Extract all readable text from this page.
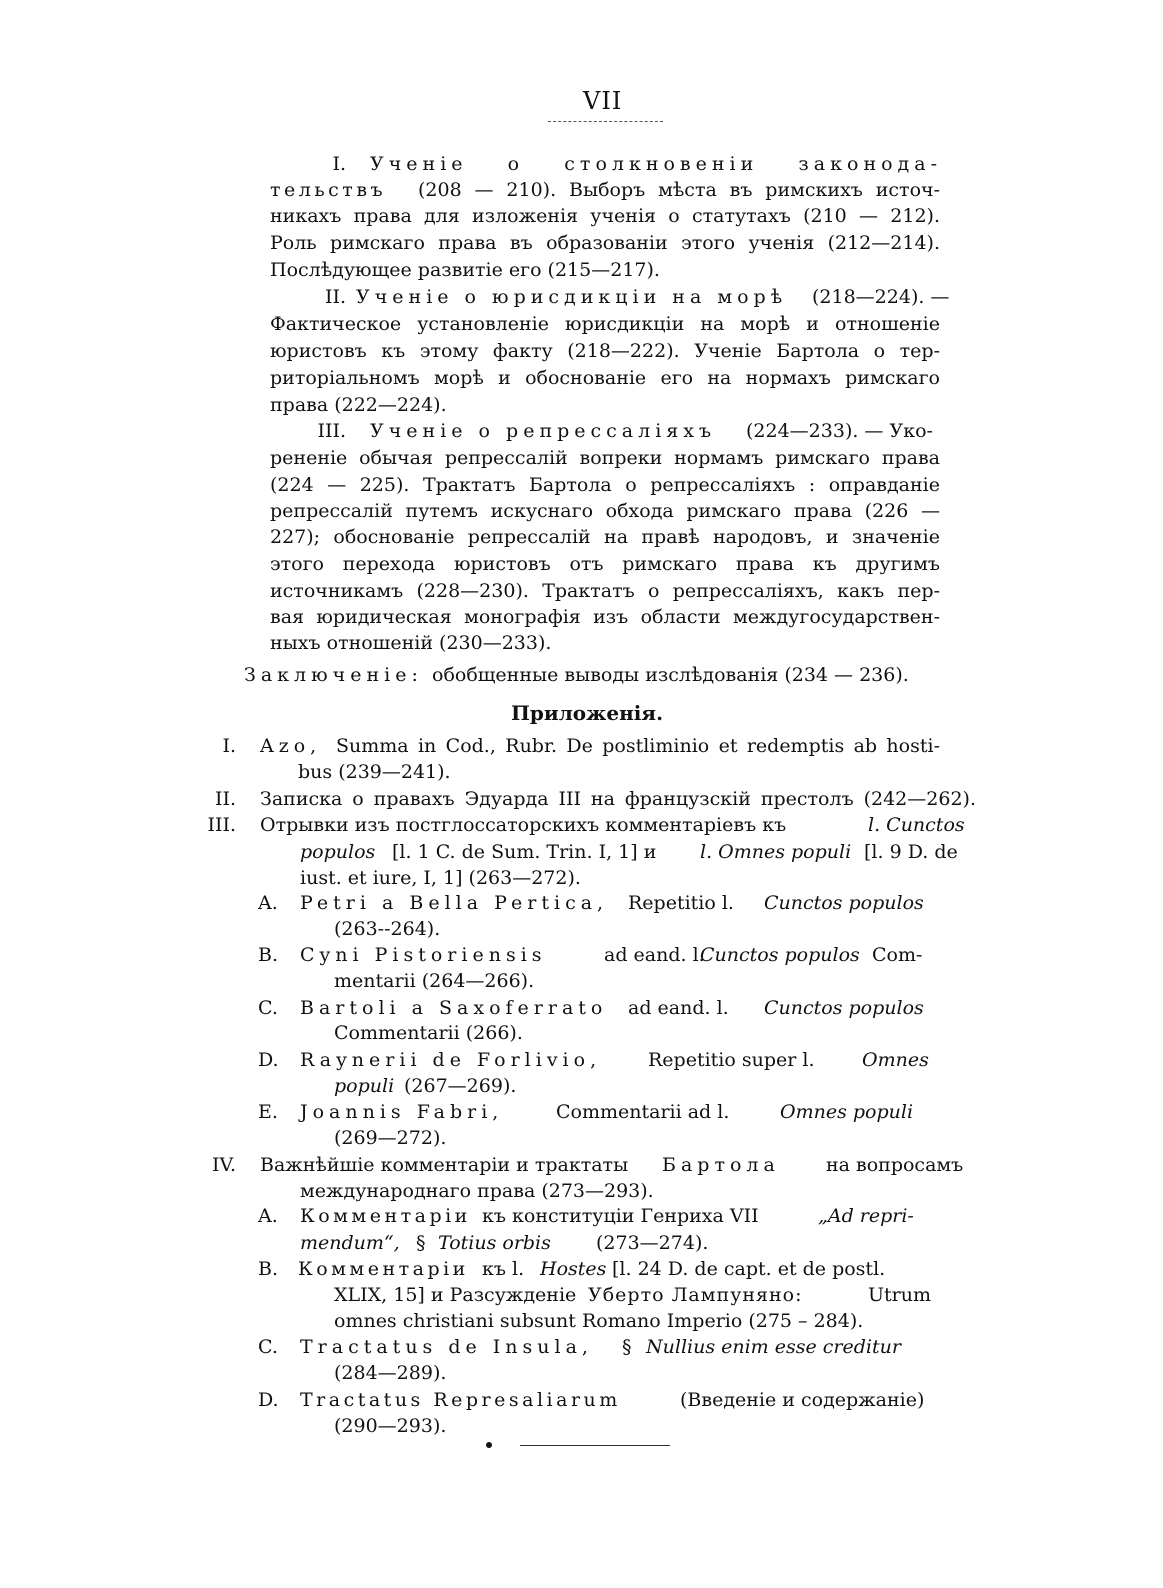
VII
I. Ученіе о столкновеніи законода-
тельствъ (208 — 210). Выборъ мѣста въ римскихъ источ-
никахъ права для изложенія ученія о статутахъ (210 — 212).
Роль римскаго права въ образованіи этого ученія (212—214).
Послѣдующее развитіе его (215—217).
II. Ученіе о юрисдикціи на морѣ (218—224). —
Фактическое установленіе юрисдикціи на морѣ и отношеніе
юристовъ къ этому факту (218—222). Ученіе Бартола о тер-
риторіальномъ морѣ и обоснованіе его на нормахъ римскаго
права (222—224).
III. Ученіе о репрессаліяхъ (224—233). — Уко-
рененіе обычая репрессалій вопреки нормамъ римскаго права
(224 — 225). Трактатъ Бартола о репрессаліяхъ : оправданіе
репрессалій путемъ искуснаго обхода римскаго права (226 —
227); обоснованіе репрессалій на правѣ народовъ, и значеніе
этого перехода юристовъ отъ римскаго права къ другимъ
источникамъ (228—230). Трактатъ о репрессаліяхъ, какъ пер-
вая юридическая монографія изъ области междугосударствен-
ныхъ отношеній (230—233).
Заключеніе: обобщенные выводы изслѣдованія (234 — 236).
Приложенія.
I. Azo, Summa in Cod., Rubr. De postliminio et redemptis ab hosti-
bus (239—241).
II. Записка о правахъ Эдуарда III на французскій престолъ (242—262).
III. Отрывки изъ постглоссаторскихъ комментаріевъ къ	l. Cunctos
populos [l. 1 C. de Sum. Trin. I, 1] и l. Omnes populi [l. 9 D. de
iust. et iure, I, 1] (263—272).
A. Petri a Bella Pertica, Repetitio l. Cunctos populos
(263--264).
B. Cyni Pistoriensis	ad eand. l.
Cunctos populos Com-
mentarii (264—266).
C. Bartoli a Saxoferrato ad eand. l. Cunctos populos
Commentarii (266).
D. Raynerii de Forlivio, Repetitio super l.	Omnes
populi (267—269).
E. Joannis Fabri,	Commentarii ad l.	Omnes populi
(269—272).
IV. Важнѣйшіе комментаріи и трактаты Бартола на вопросамъ
международнаго права (273—293).
A. Комментаріи къ конституціи Генриха VII	„Ad repri-
mendum“, § Totius orbis (273—274).
B. Комментаріи къ l. Hostes [l. 24 D. de capt. et de postl.
XLIX, 15] и Разсужденіе Уберто Лампуняно:	Utrum
omnes christiani subsunt Romano Imperio (275 – 284).
C. Tractatus de Insula, § Nullius enim esse creditur
(284—289).
D. Tractatus Represaliarum	(Введеніе и содержаніе)
(290—293).
